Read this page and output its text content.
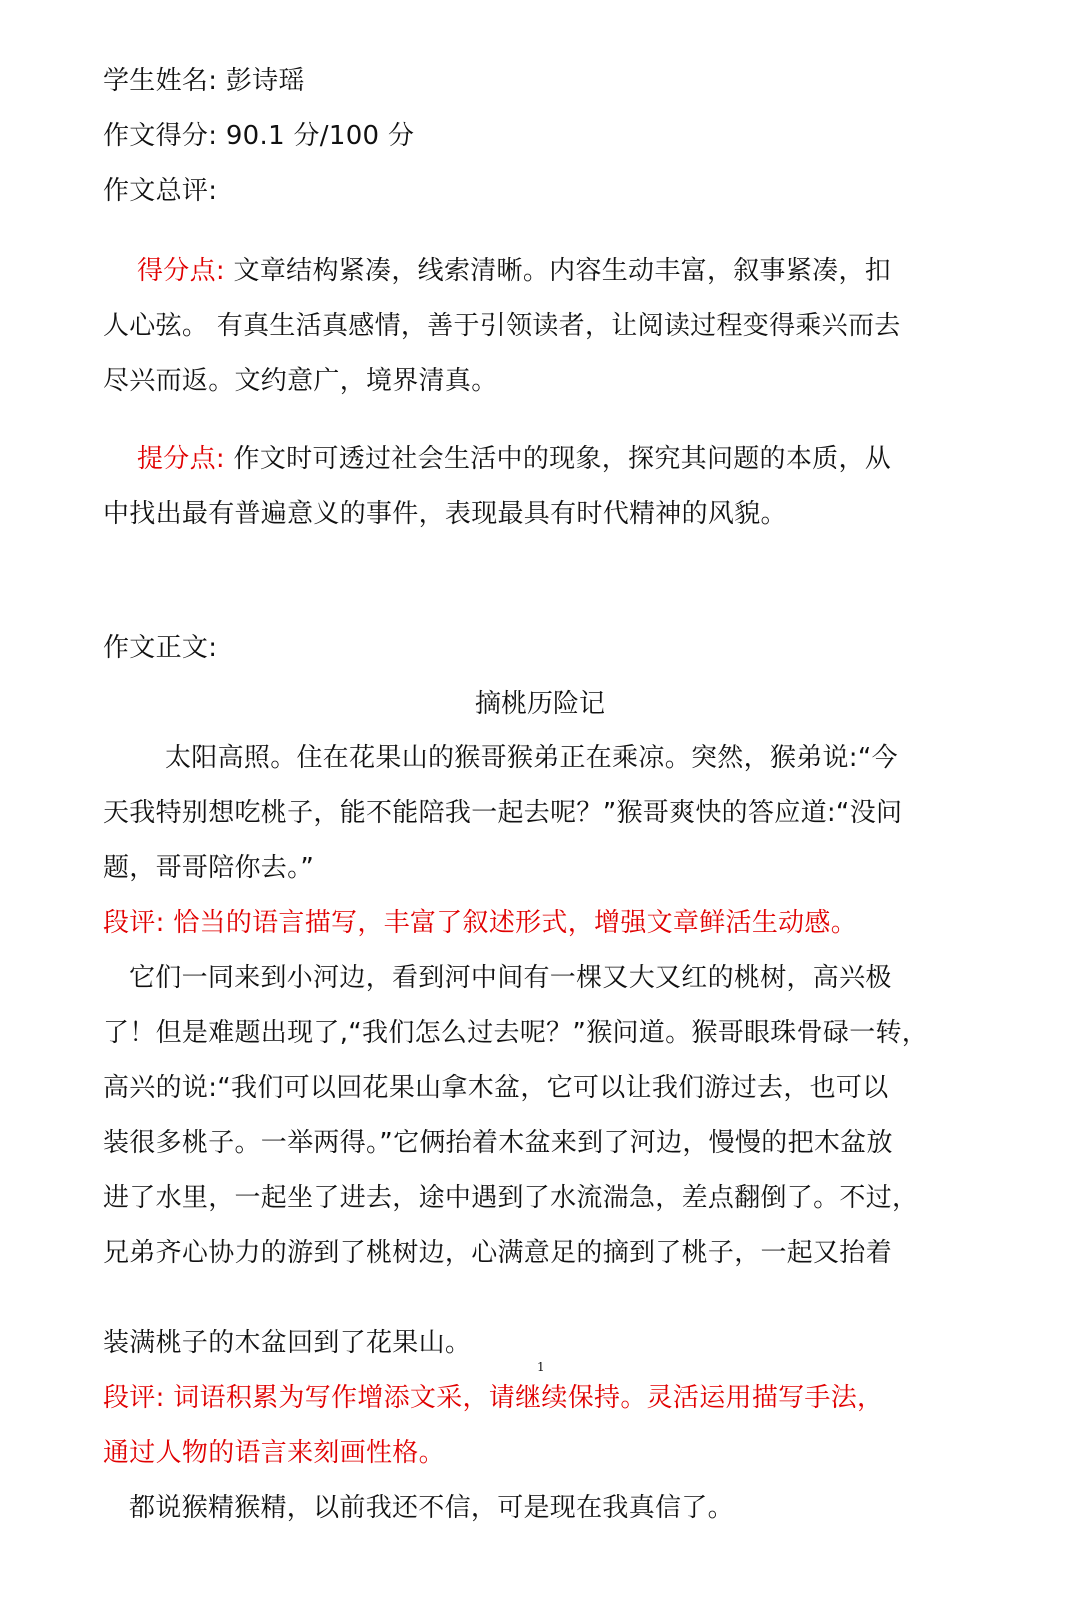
学生姓名: 彭诗瑶
作文得分: 90.1 分/100 分
作文总评:
得分点: 文章结构紧凑，线索清晰。内容生动丰富，叙事紧凑，扣
人心弦。 有真生活真感情，善于引领读者，让阅读过程变得乘兴而去
尽兴而返。文约意广，境界清真。
提分点: 作文时可透过社会生活中的现象，探究其问题的本质，从
中找出最有普遍意义的事件，表现最具有时代精神的风貌。
作文正文:
摘桃历险记
太阳高照。住在花果山的猴哥猴弟正在乘凉。突然，猴弟说:“今
天我特别想吃桃子，能不能陪我一起去呢？”猴哥爽快的答应道:“没问
题，哥哥陪你去。”
段评: 恰当的语言描写，丰富了叙述形式，增强文章鲜活生动感。
它们一同来到小河边，看到河中间有一棵又大又红的桃树，高兴极
了！但是难题出现了,“我们怎么过去呢？”猴问道。猴哥眼珠骨碌一转，
高兴的说:“我们可以回花果山拿木盆，它可以让我们游过去，也可以
装很多桃子。一举两得。”它俩抬着木盆来到了河边，慢慢的把木盆放
进了水里，一起坐了进去，途中遇到了水流湍急，差点翻倒了。不过，
兄弟齐心协力的游到了桃树边，心满意足的摘到了桃子，一起又抬着
1
装满桃子的木盆回到了花果山。
段评: 词语积累为写作增添文采，请继续保持。灵活运用描写手法，
通过人物的语言来刻画性格。
都说猴精猴精，以前我还不信，可是现在我真信了。
